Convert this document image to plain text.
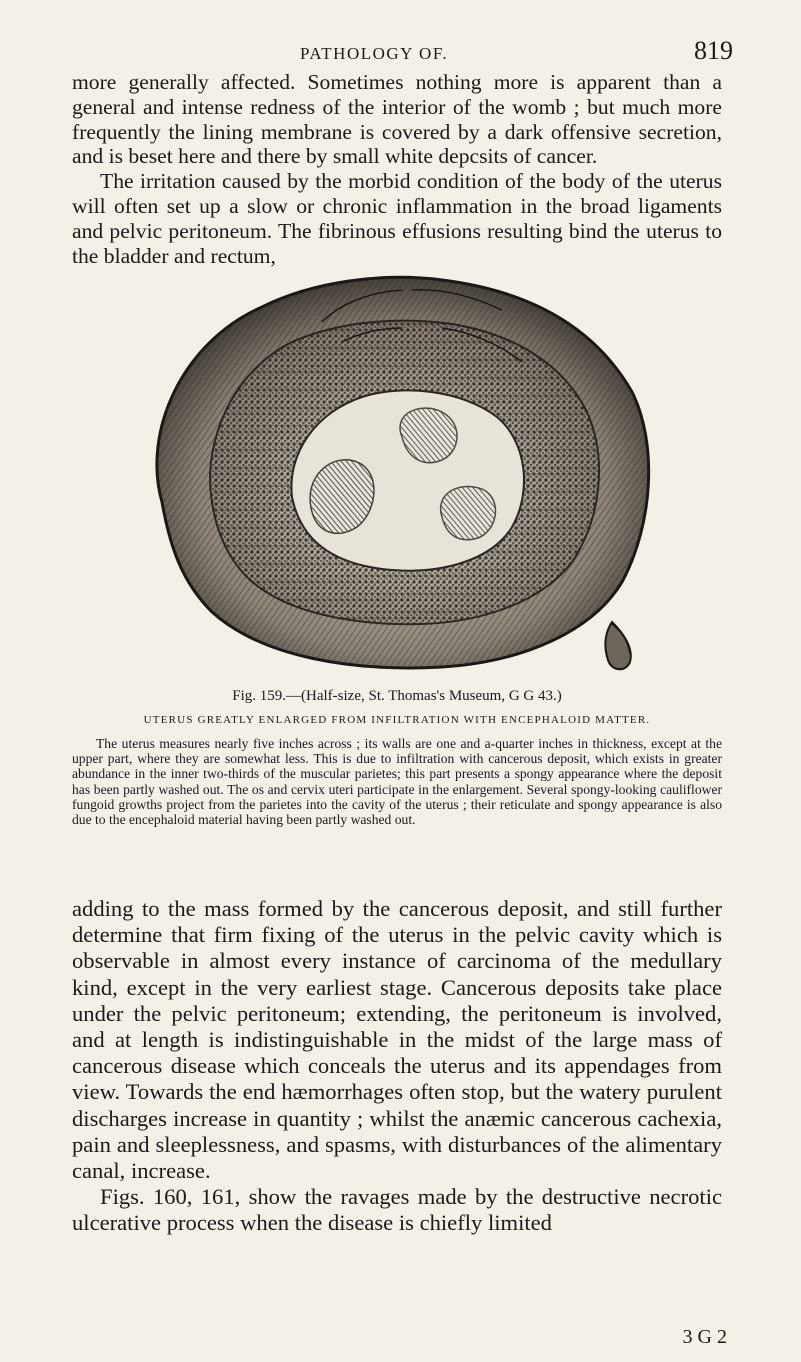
PATHOLOGY OF.	819

more generally affected. Sometimes nothing more is apparent than a general and intense redness of the interior of the womb ; but much more frequently the lining membrane is covered by a dark offensive secretion, and is beset here and there by small white depcsits of cancer.

The irritation caused by the morbid condition of the body of the uterus will often set up a slow or chronic inflammation in the broad ligaments and pelvic peritoneum. The fibrinous effusions resulting bind the uterus to the bladder and rectum,

Fig. 159.—(Half-size, St. Thomas's Museum, G G 43.)
UTERUS GREATLY ENLARGED FROM INFILTRATION WITH ENCEPHALOID MATTER.

The uterus measures nearly five inches across ; its walls are one and a-quarter inches in thickness, except at the upper part, where they are somewhat less. This is due to infiltration with cancerous deposit, which exists in greater abundance in the inner two-thirds of the muscular parietes; this part presents a spongy appearance where the deposit has been partly washed out. The os and cervix uteri participate in the enlargement. Several spongy-looking cauliflower fungoid growths project from the parietes into the cavity of the uterus ; their reticulate and spongy appearance is also due to the encephaloid material having been partly washed out.

adding to the mass formed by the cancerous deposit, and still further determine that firm fixing of the uterus in the pelvic cavity which is observable in almost every instance of carcinoma of the medullary kind, except in the very earliest stage. Cancerous deposits take place under the pelvic peritoneum; extending, the peritoneum is involved, and at length is indistinguishable in the midst of the large mass of cancerous disease which conceals the uterus and its appendages from view. Towards the end hæmorrhages often stop, but the watery purulent discharges increase in quantity ; whilst the anæmic cancerous cachexia, pain and sleeplessness, and spasms, with disturbances of the alimentary canal, increase.

Figs. 160, 161, show the ravages made by the destructive necrotic ulcerative process when the disease is chiefly limited

3 G 2
